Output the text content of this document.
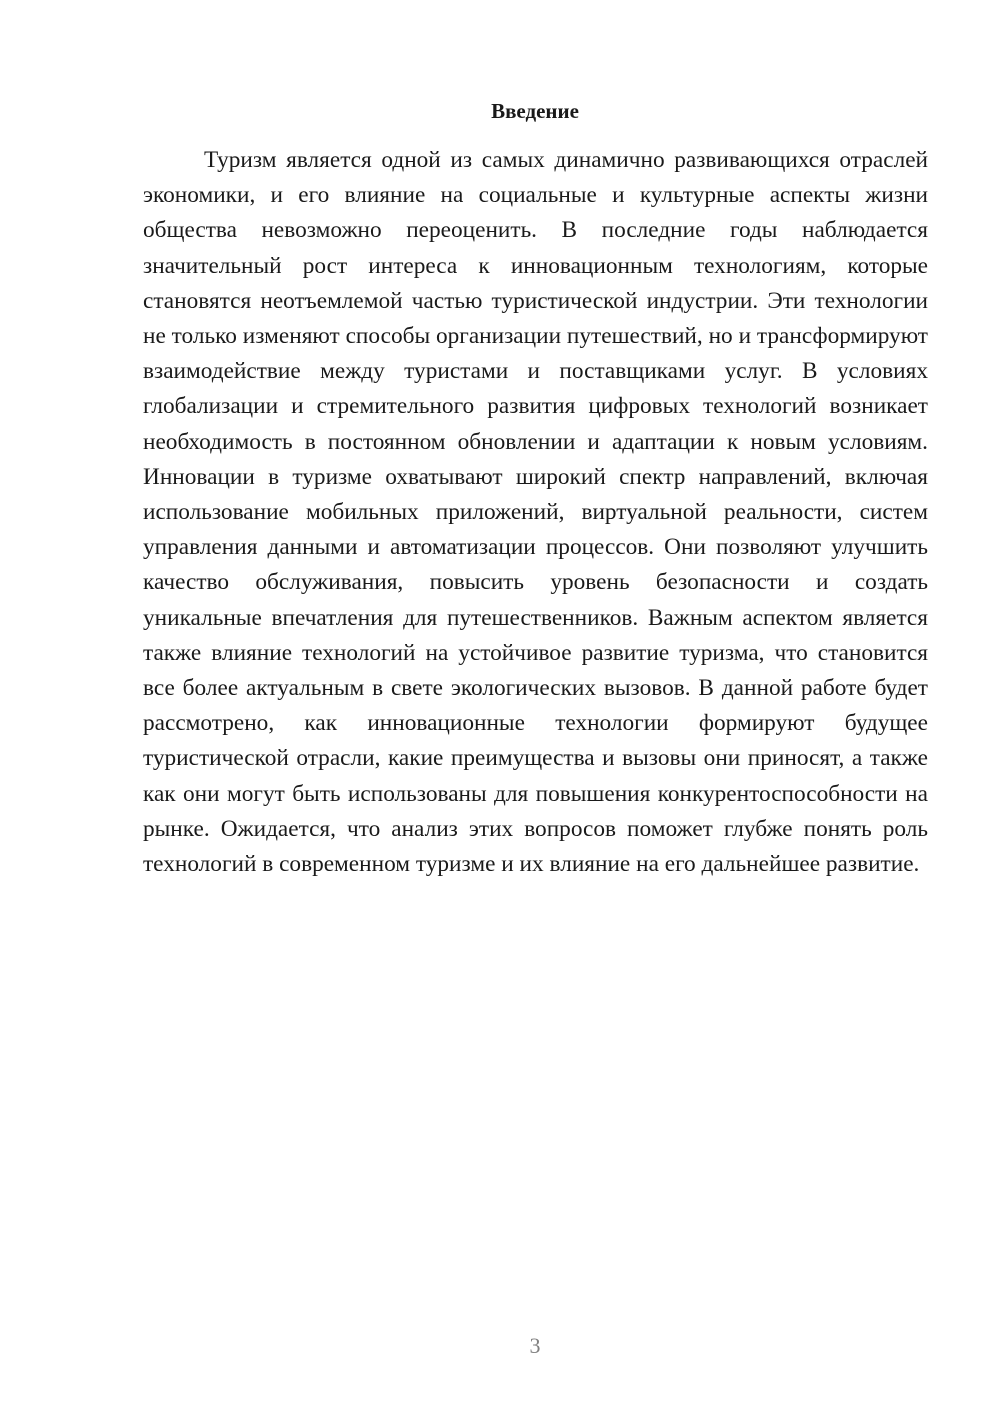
Введение

Туризм является одной из самых динамично развивающихся отраслей экономики, и его влияние на социальные и культурные аспекты жизни общества невозможно переоценить. В последние годы наблюдается значительный рост интереса к инновационным технологиям, которые становятся неотъемлемой частью туристической индустрии. Эти технологии не только изменяют способы организации путешествий, но и трансформируют взаимодействие между туристами и поставщиками услуг. В условиях глобализации и стремительного развития цифровых технологий возникает необходимость в постоянном обновлении и адаптации к новым условиям. Инновации в туризме охватывают широкий спектр направлений, включая использование мобильных приложений, виртуальной реальности, систем управления данными и автоматизации процессов. Они позволяют улучшить качество обслуживания, повысить уровень безопасности и создать уникальные впечатления для путешественников. Важным аспектом является также влияние технологий на устойчивое развитие туризма, что становится все более актуальным в свете экологических вызовов. В данной работе будет рассмотрено, как инновационные технологии формируют будущее туристической отрасли, какие преимущества и вызовы они приносят, а также как они могут быть использованы для повышения конкурентоспособности на рынке. Ожидается, что анализ этих вопросов поможет глубже понять роль технологий в современном туризме и их влияние на его дальнейшее развитие.

3
